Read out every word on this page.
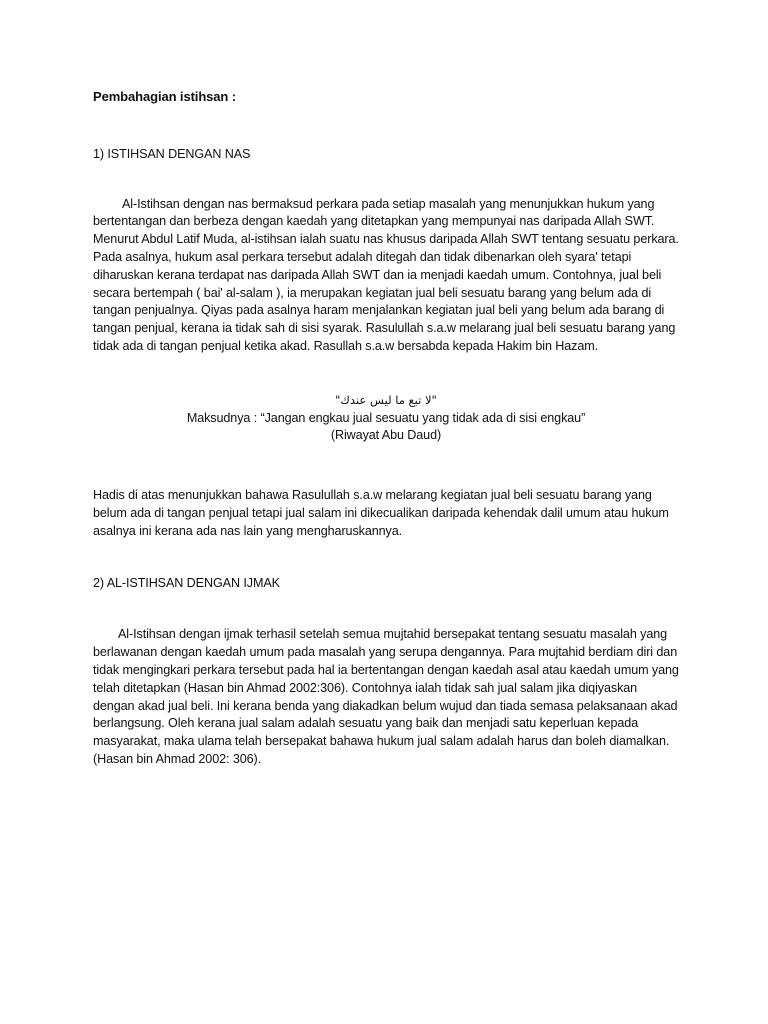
Pembahagian istihsan :

1) ISTIHSAN DENGAN NAS

Al-Istihsan dengan nas bermaksud perkara pada setiap masalah yang menunjukkan hukum yang bertentangan dan berbeza dengan kaedah yang ditetapkan yang mempunyai nas daripada Allah SWT. Menurut Abdul Latif Muda, al-istihsan ialah suatu nas khusus daripada Allah SWT tentang sesuatu perkara. Pada asalnya, hukum asal perkara tersebut adalah ditegah dan tidak dibenarkan oleh syara' tetapi diharuskan kerana terdapat nas daripada Allah SWT dan ia menjadi kaedah umum. Contohnya, jual beli secara bertempah ( bai' al-salam ), ia merupakan kegiatan jual beli sesuatu barang yang belum ada di tangan penjualnya. Qiyas pada asalnya haram menjalankan kegiatan jual beli yang belum ada barang di tangan penjual, kerana ia tidak sah di sisi syarak. Rasulullah s.a.w melarang jual beli sesuatu barang yang tidak ada di tangan penjual ketika akad. Rasullah s.a.w bersabda kepada Hakim bin Hazam.

"لا تبع ما ليس عندك"

Maksudnya : “Jangan engkau jual sesuatu yang tidak ada di sisi engkau”

(Riwayat Abu Daud)

Hadis di atas menunjukkan bahawa Rasulullah s.a.w melarang kegiatan jual beli sesuatu barang yang belum ada di tangan penjual tetapi jual salam ini dikecualikan daripada kehendak dalil umum atau hukum asalnya ini kerana ada nas lain yang mengharuskannya.

2) AL-ISTIHSAN DENGAN IJMAK

Al-Istihsan dengan ijmak terhasil setelah semua mujtahid bersepakat tentang sesuatu masalah yang berlawanan dengan kaedah umum pada masalah yang serupa dengannya. Para mujtahid berdiam diri dan tidak mengingkari perkara tersebut pada hal ia bertentangan dengan kaedah asal atau kaedah umum yang telah ditetapkan (Hasan bin Ahmad 2002:306). Contohnya ialah tidak sah jual salam jika diqiyaskan dengan akad jual beli. Ini kerana benda yang diakadkan belum wujud dan tiada semasa pelaksanaan akad berlangsung. Oleh kerana jual salam adalah sesuatu yang baik dan menjadi satu keperluan kepada masyarakat, maka ulama telah bersepakat bahawa hukum jual salam adalah harus dan boleh diamalkan. (Hasan bin Ahmad 2002: 306).
